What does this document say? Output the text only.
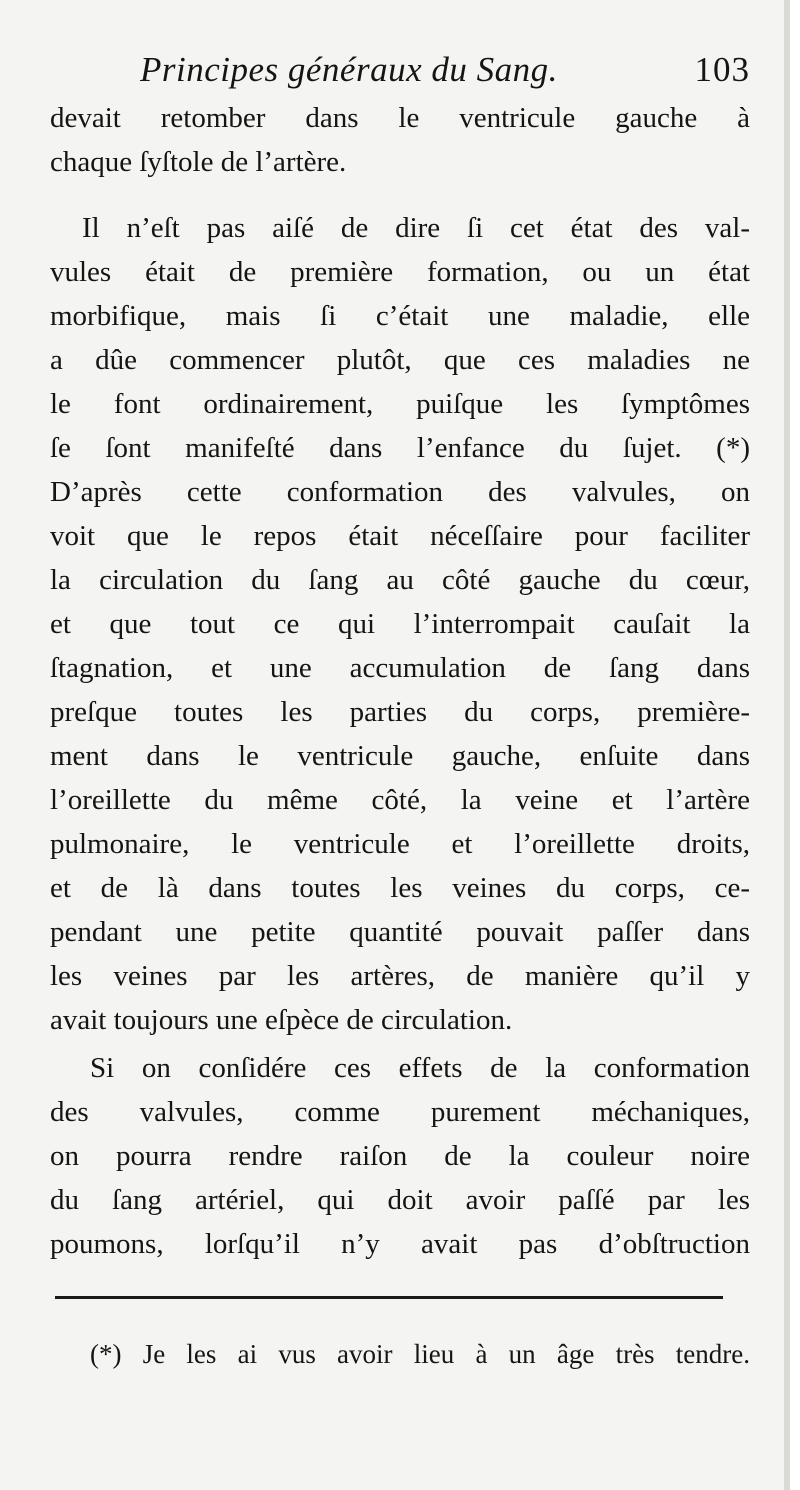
Principes généraux du Sang.	103
devait retomber dans le ventricule gauche à
chaque ſyſtole de l’artère.
Il n’eſt pas aiſé de dire ſi cet état des val-
vules était de première formation, ou un état
morbifique, mais ſi c’était une maladie, elle
a dûe commencer plutôt, que ces maladies ne
le font ordinairement, puiſque les ſymptômes
ſe ſont manifeſté dans l’enfance du ſujet. (*)
D’après cette conformation des valvules, on
voit que le repos était néceſſaire pour faciliter
la circulation du ſang au côté gauche du cœur,
et que tout ce qui l’interrompait cauſait la
ſtagnation, et une accumulation de ſang dans
preſque toutes les parties du corps, première-
ment dans le ventricule gauche, enſuite dans
l’oreillette du même côté, la veine et l’artère
pulmonaire, le ventricule et l’oreillette droits,
et de là dans toutes les veines du corps, ce-
pendant une petite quantité pouvait paſſer dans
les veines par les artères, de manière qu’il y
avait toujours une eſpèce de circulation.
Si on conſidére ces effets de la conformation
des valvules, comme purement méchaniques,
on pourra rendre raiſon de la couleur noire
du ſang artériel, qui doit avoir paſſé par les
poumons, lorſqu’il n’y avait pas d’obſtruction
(*) Je les ai vus avoir lieu à un âge très tendre.
